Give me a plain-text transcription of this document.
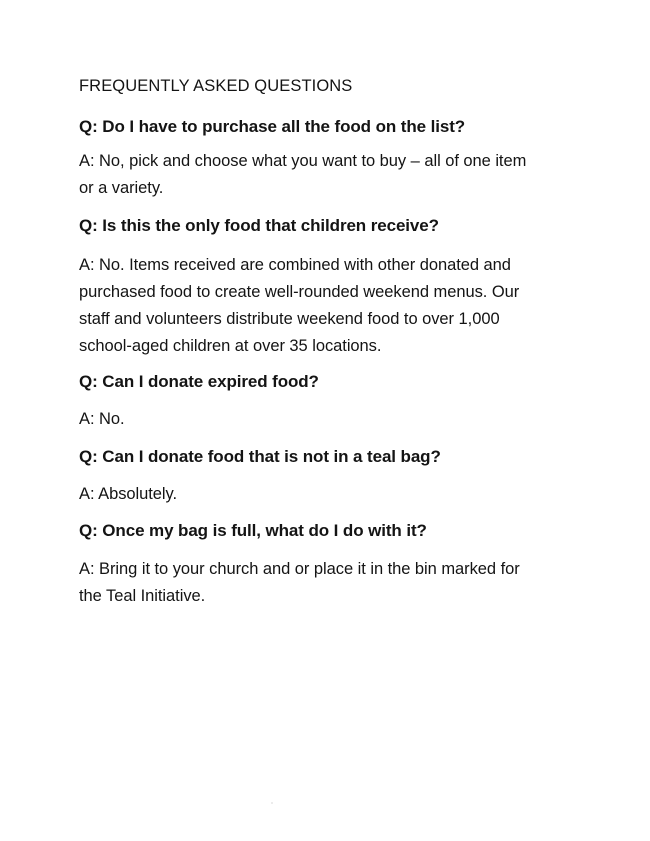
FREQUENTLY ASKED QUESTIONS
Q: Do I have to purchase all the food on the list?
A: No, pick and choose what you want to buy – all of one item
or a variety.
Q: Is this the only food that children receive?
A: No. Items received are combined with other donated and
purchased food to create well-rounded weekend menus. Our
staff and volunteers distribute weekend food to over 1,000
school-aged children at over 35 locations.
Q: Can I donate expired food?
A: No.
Q: Can I donate food that is not in a teal bag?
A: Absolutely.
Q: Once my bag is full, what do I do with it?
A: Bring it to your church and or place it in the bin marked for
the Teal Initiative.
